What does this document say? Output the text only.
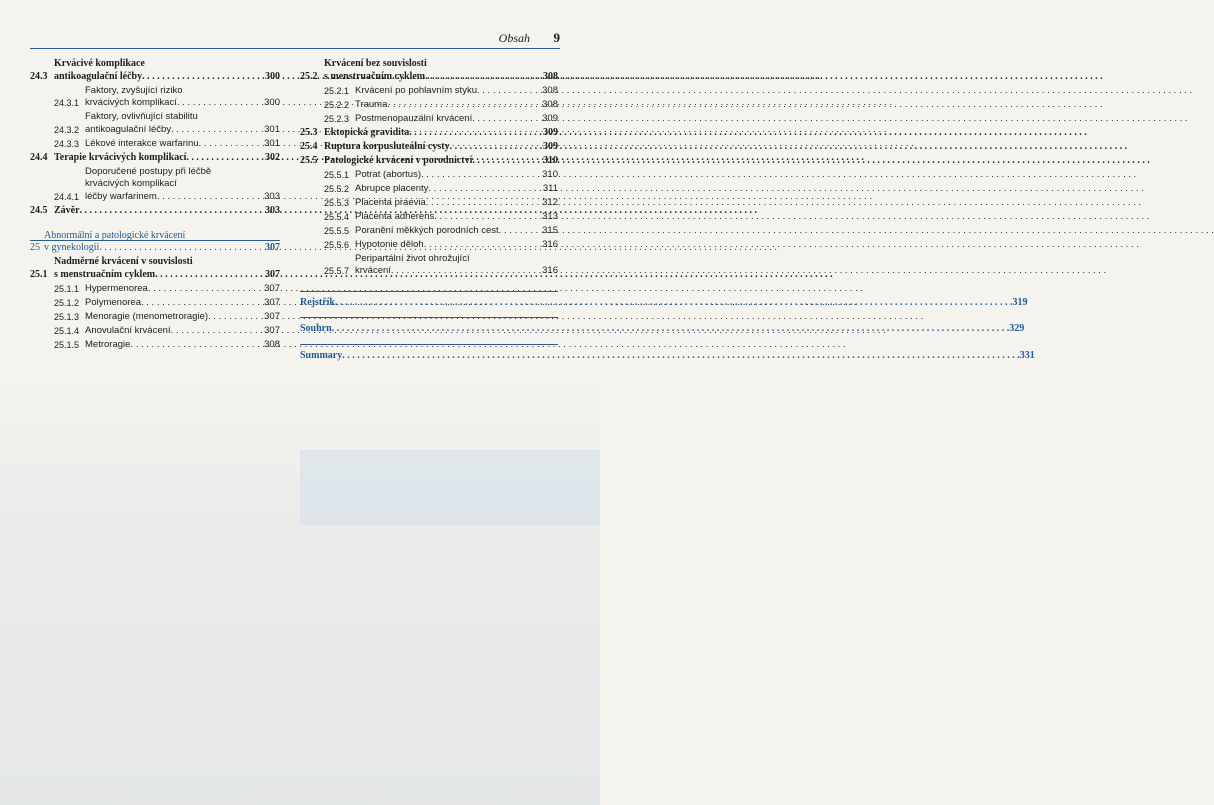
Obsah 9
24.3
Krvácivé komplikace
antikoagulační léčby . . .	300
24.3.1
Faktory, zvyšující riziko
krvácivých komplikací . . .	300
24.3.2
Faktory, ovlivňující stabilitu
antikoagulační léčby . . .	301
24.3.3 Lékové interakce warfarinu . . .	301
24.4 Terapie krvácivých komplikací . . .	302
24.4.1
Doporučené postupy při léčbě
krvácivých komplikací
léčby warfarinem . . .	303
24.5 Závěr . . .	303
25
Abnormální a patologické krvácení
v gynekologii . . .	307
25.1
Nadměrné krvácení v souvislosti
s menstruačním cyklem . . .	307
25.1.1 Hypermenorea . . .	307
25.1.2 Polymenorea . . .	307
25.1.3 Menoragie (menometroragie) . . .	307
25.1.4 Anovulační krvácení . . .	307
25.1.5 Metroragie . . .	308
25.2
Krvácení bez souvislosti
s menstruačním cyklem . . .	308
25.2.1 Krvácení po pohlavním styku . . .	308
25.2.2 Trauma . . .	308
25.2.3 Postmenopauzální krvácení . . .	309
25.3 Ektopická gravidita . . .	309
25.4 Ruptura korpusluteální cysty . . .	309
25.5 Patologické krvácení v porodnictví . . .	310
25.5.1 Potrat (abortus) . . .	310
25.5.2 Abrupce placenty . . .	311
25.5.3 Placenta praevia . . .	312
25.5.4 Placenta adherens . . .	313
25.5.5 Poranění měkkých porodních cest . . .	315
25.5.6 Hypotonie děloh . . .	316
25.5.7
Peripartální život ohrožující
krvácení . . .	316
Rejstřík . . .	319
Souhrn . . .	329
Summary . . .	331
